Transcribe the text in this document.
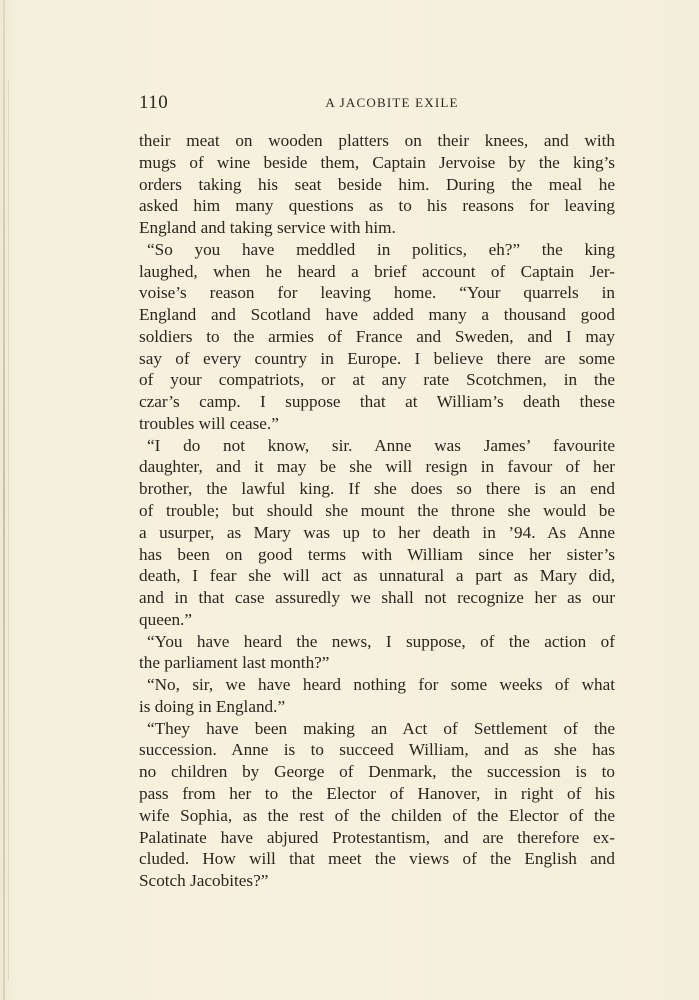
110	A JACOBITE EXILE
their meat on wooden platters on their knees, and with
mugs of wine beside them, Captain Jervoise by the king’s
orders taking his seat beside him. During the meal he
asked him many questions as to his reasons for leaving
England and taking service with him.
“So you have meddled in politics, eh?” the king
laughed, when he heard a brief account of Captain Jer-
voise’s reason for leaving home. “Your quarrels in
England and Scotland have added many a thousand good
soldiers to the armies of France and Sweden, and I may
say of every country in Europe. I believe there are some
of your compatriots, or at any rate Scotchmen, in the
czar’s camp. I suppose that at William’s death these
troubles will cease.”
“I do not know, sir. Anne was James’ favourite
daughter, and it may be she will resign in favour of her
brother, the lawful king. If she does so there is an end
of trouble; but should she mount the throne she would be
a usurper, as Mary was up to her death in ’94. As Anne
has been on good terms with William since her sister’s
death, I fear she will act as unnatural a part as Mary did,
and in that case assuredly we shall not recognize her as our
queen.”
“You have heard the news, I suppose, of the action of
the parliament last month?”
“No, sir, we have heard nothing for some weeks of what
is doing in England.”
“They have been making an Act of Settlement of the
succession. Anne is to succeed William, and as she has
no children by George of Denmark, the succession is to
pass from her to the Elector of Hanover, in right of his
wife Sophia, as the rest of the childen of the Elector of the
Palatinate have abjured Protestantism, and are therefore ex-
cluded. How will that meet the views of the English and
Scotch Jacobites?”
